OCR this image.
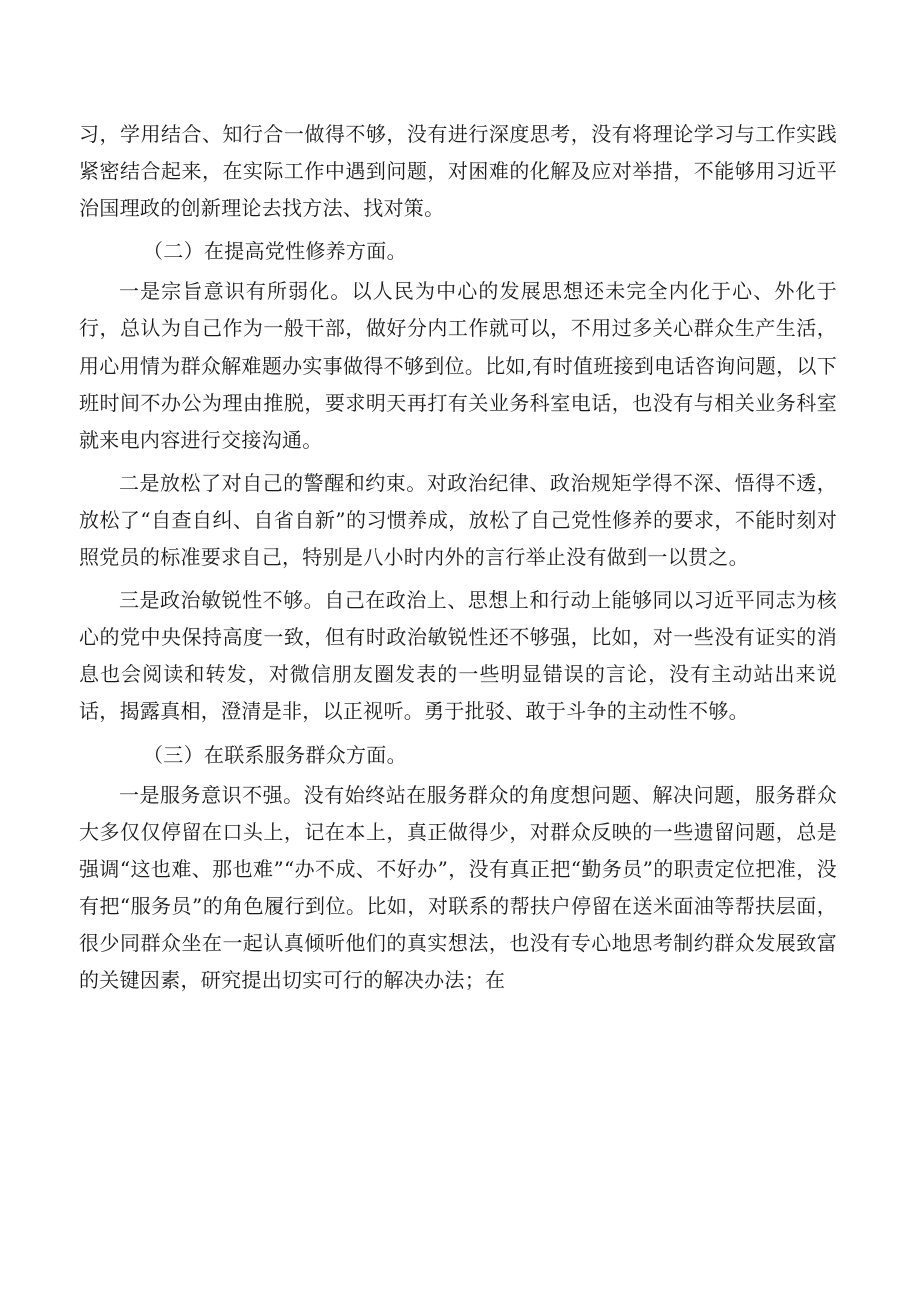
习，学用结合、知行合一做得不够，没有进行深度思考，没有将理论学习与工作实践紧密结合起来，在实际工作中遇到问题，对困难的化解及应对举措，不能够用习近平治国理政的创新理论去找方法、找对策。

（二）在提高党性修养方面。

一是宗旨意识有所弱化。以人民为中心的发展思想还未完全内化于心、外化于行，总认为自己作为一般干部，做好分内工作就可以，不用过多关心群众生产生活，用心用情为群众解难题办实事做得不够到位。比如,有时值班接到电话咨询问题，以下班时间不办公为理由推脱，要求明天再打有关业务科室电话，也没有与相关业务科室就来电内容进行交接沟通。

二是放松了对自己的警醒和约束。对政治纪律、政治规矩学得不深、悟得不透，放松了“自查自纠、自省自新”的习惯养成，放松了自己党性修养的要求，不能时刻对照党员的标准要求自己，特别是八小时内外的言行举止没有做到一以贯之。

三是政治敏锐性不够。自己在政治上、思想上和行动上能够同以习近平同志为核心的党中央保持高度一致，但有时政治敏锐性还不够强，比如，对一些没有证实的消息也会阅读和转发，对微信朋友圈发表的一些明显错误的言论，没有主动站出来说话，揭露真相，澄清是非，以正视听。勇于批驳、敢于斗争的主动性不够。

（三）在联系服务群众方面。

一是服务意识不强。没有始终站在服务群众的角度想问题、解决问题，服务群众大多仅仅停留在口头上，记在本上，真正做得少，对群众反映的一些遗留问题，总是强调“这也难、那也难”“办不成、不好办”，没有真正把“勤务员”的职责定位把准，没有把“服务员”的角色履行到位。比如，对联系的帮扶户停留在送米面油等帮扶层面，很少同群众坐在一起认真倾听他们的真实想法，也没有专心地思考制约群众发展致富的关键因素，研究提出切实可行的解决办法；在
